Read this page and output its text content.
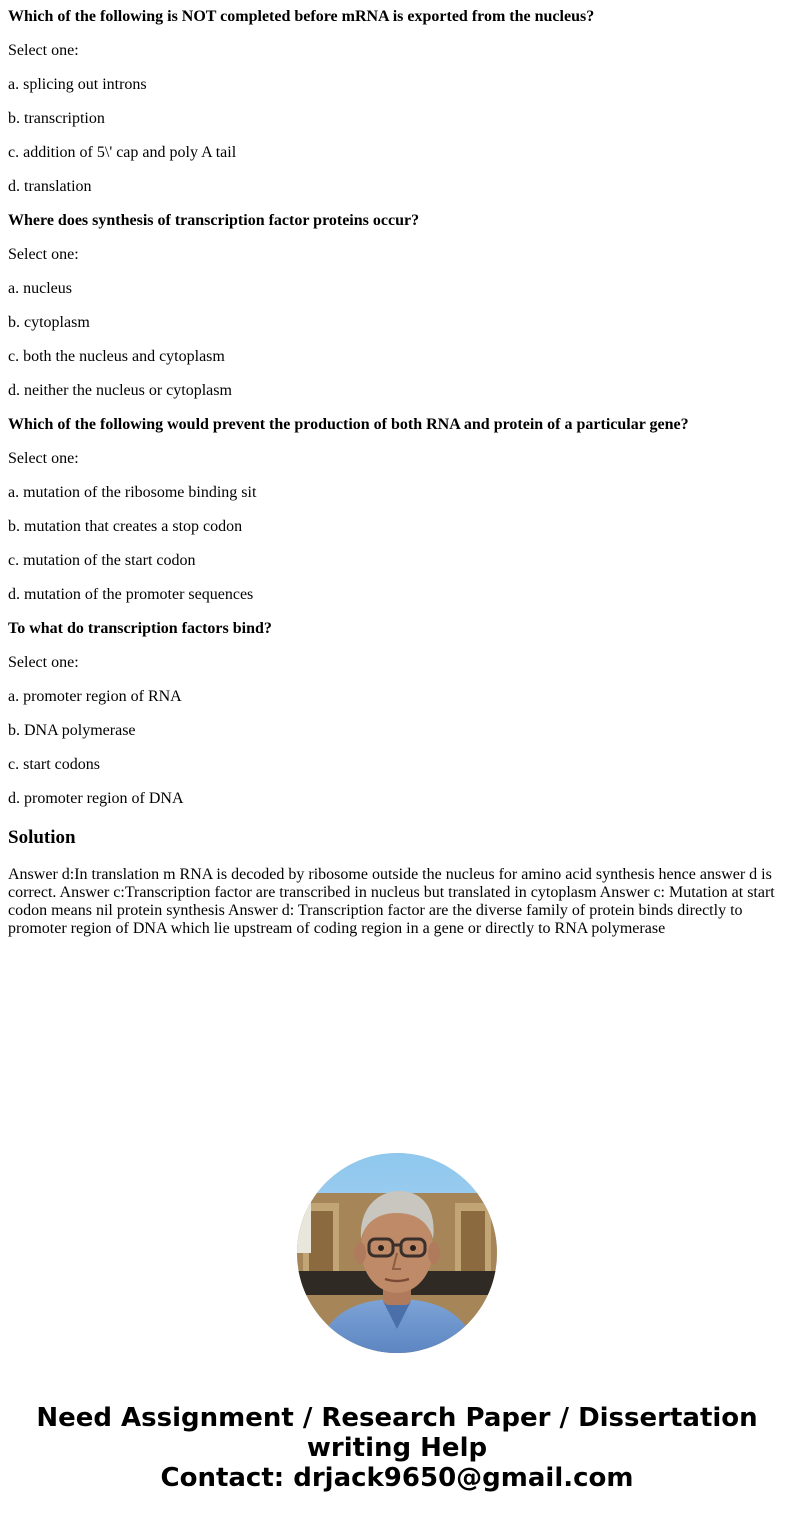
Which of the following is NOT completed before mRNA is exported from the nucleus?
Select one:
a. splicing out introns
b. transcription
c. addition of 5\' cap and poly A tail
d. translation
Where does synthesis of transcription factor proteins occur?
Select one:
a. nucleus
b. cytoplasm
c. both the nucleus and cytoplasm
d. neither the nucleus or cytoplasm
Which of the following would prevent the production of both RNA and protein of a particular gene?
Select one:
a. mutation of the ribosome binding sit
b. mutation that creates a stop codon
c. mutation of the start codon
d. mutation of the promoter sequences
To what do transcription factors bind?
Select one:
a. promoter region of RNA
b. DNA polymerase
c. start codons
d. promoter region of DNA
Solution
Answer d:In translation m RNA is decoded by ribosome outside the nucleus for amino acid synthesis hence answer d is correct. Answer c:Transcription factor are transcribed in nucleus but translated in cytoplasm Answer c: Mutation at start codon means nil protein synthesis Answer d: Transcription factor are the diverse family of protein binds directly to promoter region of DNA which lie upstream of coding region in a gene or directly to RNA polymerase
Need Assignment / Research Paper / Dissertation
writing Help
Contact: drjack9650@gmail.com
